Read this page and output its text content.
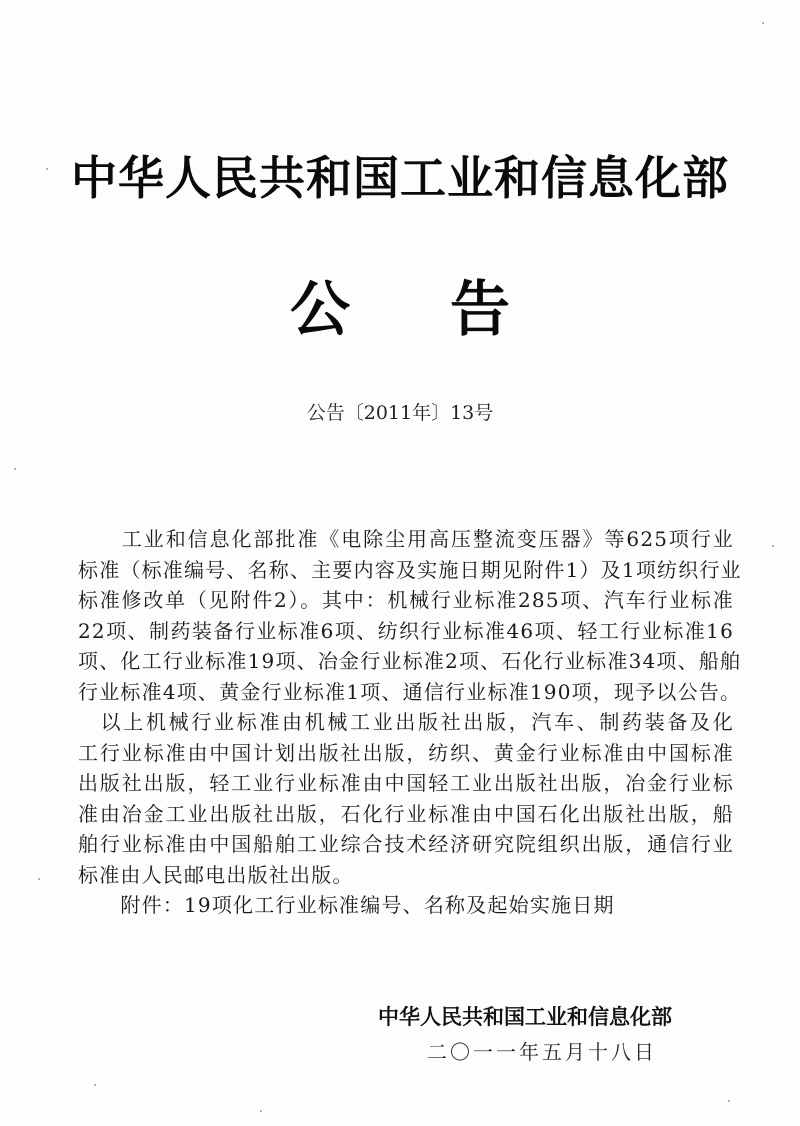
中华人民共和国工业和信息化部
公告
公告〔2011年〕13号
　　工业和信息化部批准《电除尘用高压整流变压器》等625项行业
标准（标准编号、名称、主要内容及实施日期见附件1）及1项纺织行业
标准修改单（见附件2）。其中：机械行业标准285项、汽车行业标准
22项、制药装备行业标准6项、纺织行业标准46项、轻工行业标准16
项、化工行业标准19项、冶金行业标准2项、石化行业标准34项、船舶
行业标准4项、黄金行业标准1项、通信行业标准190项，现予以公告。
　以上机械行业标准由机械工业出版社出版，汽车、制药装备及化
工行业标准由中国计划出版社出版，纺织、黄金行业标准由中国标准
出版社出版，轻工业行业标准由中国轻工业出版社出版，冶金行业标
准由冶金工业出版社出版，石化行业标准由中国石化出版社出版，船
舶行业标准由中国船舶工业综合技术经济研究院组织出版，通信行业
标准由人民邮电出版社出版。
　　附件：19项化工行业标准编号、名称及起始实施日期
中华人民共和国工业和信息化部
二〇一一年五月十八日
